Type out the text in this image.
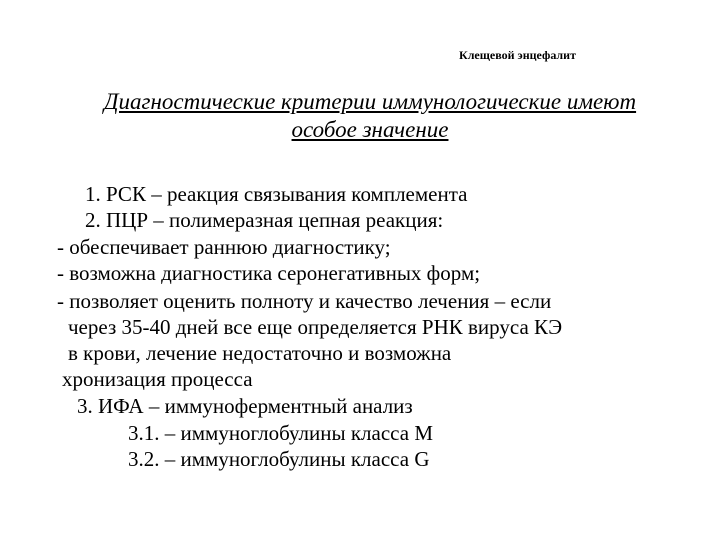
Клещевой энцефалит
Диагностические критерии иммунологические имеют
особое значение
1. РСК – реакция связывания комплемента
2. ПЦР – полимеразная цепная реакция:
- обеспечивает раннюю диагностику;
- возможна диагностика серонегативных форм;
- позволяет оценить полноту и качество лечения – если
через 35-40 дней все еще определяется РНК вируса КЭ
в крови, лечение недостаточно и возможна
хронизация процесса
3. ИФА – иммуноферментный анализ
3.1. – иммуноглобулины класса M
3.2. – иммуноглобулины класса G
